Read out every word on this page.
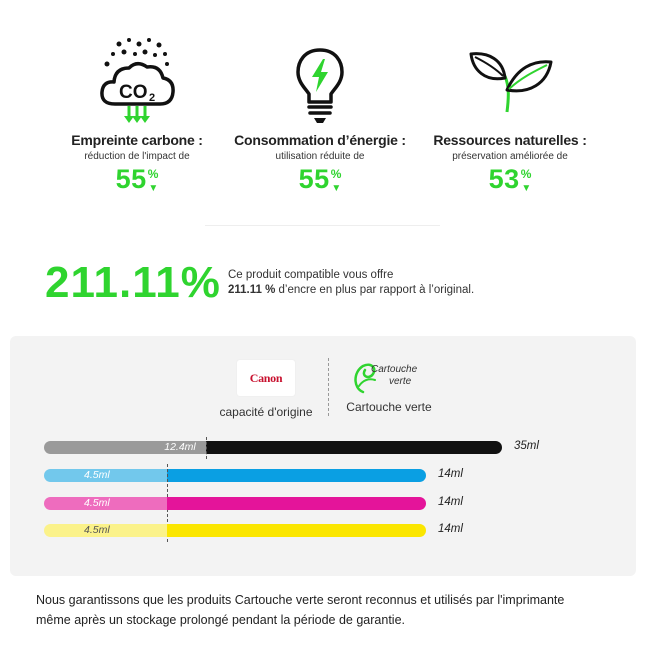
CO 2
Empreinte carbone :
réduction de l'impact de
55%
▼
Consommation d’énergie :
utilisation réduite de
55%
▼
Ressources naturelles :
préservation améliorée de
53%
▼
211.11% Ce produit compatible vous offre
211.11 % d’encre en plus par rapport à l’original.
Canon
capacité d'origine
Cartouche
verte
Cartouche verte
12.4ml	35ml
4.5ml	14ml
4.5ml	14ml
4.5ml	14ml
Nous garantissons que les produits Cartouche verte seront reconnus et utilisés par l'imprimante
même après un stockage prolongé pendant la période de garantie.
